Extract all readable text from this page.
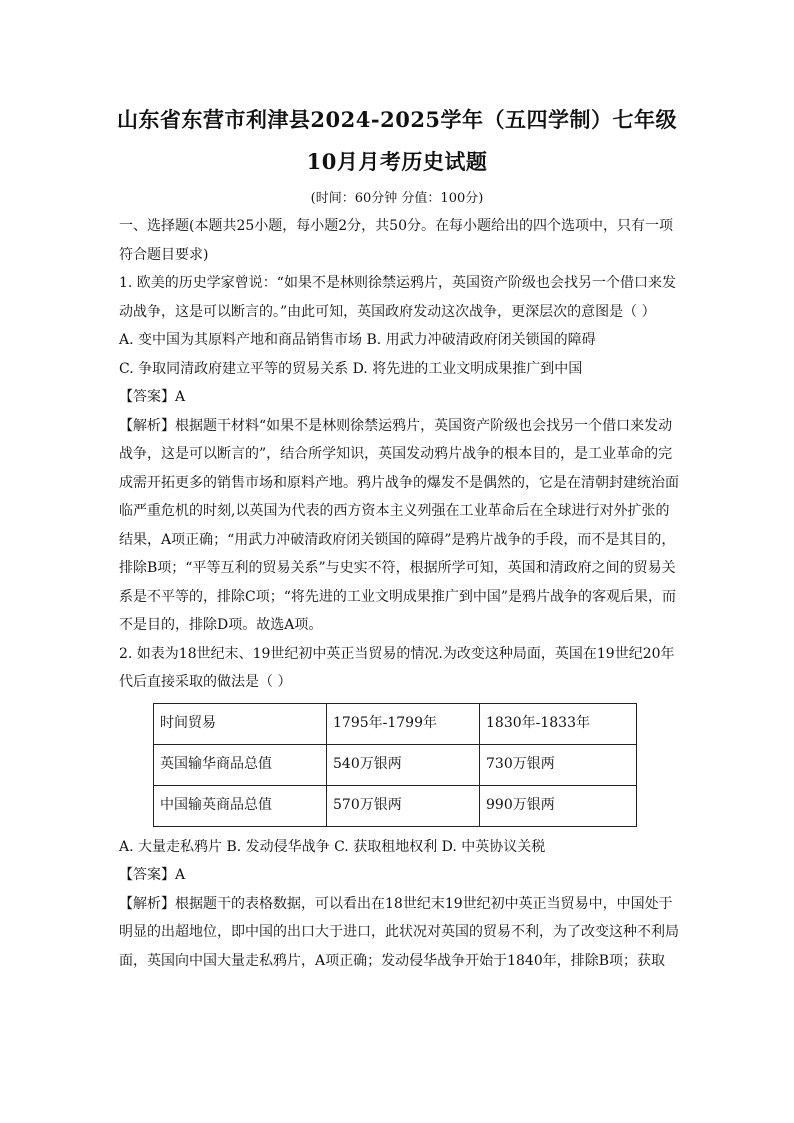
山东省东营市利津县2024-2025学年（五四学制）七年级
10月月考历史试题
(时间：60分钟 分值：100分)

一、选择题(本题共25小题，每小题2分，共50分。在每小题给出的四个选项中，只有一项符合题目要求)

1. 欧美的历史学家曾说：“如果不是林则徐禁运鸦片，英国资产阶级也会找另一个借口来发动战争，这是可以断言的。”由此可知，英国政府发动这次战争，更深层次的意图是（ ）

A. 变中国为其原料产地和商品销售市场 B. 用武力冲破清政府闭关锁国的障碍

C. 争取同清政府建立平等的贸易关系 D. 将先进的工业文明成果推广到中国

【答案】A

【解析】根据题干材料“如果不是林则徐禁运鸦片，英国资产阶级也会找另一个借口来发动战争，这是可以断言的”，结合所学知识，英国发动鸦片战争的根本目的，是工业革命的完成需开拓更多的销售市场和原料产地。鸦片战争的爆发不是偶然的，它是在清朝封建统治面临严重危机的时刻,以英国为代表的西方资本主义列强在工业革命后在全球进行对外扩张的结果，A项正确；“用武力冲破清政府闭关锁国的障碍”是鸦片战争的手段，而不是其目的，排除B项；“平等互利的贸易关系”与史实不符，根据所学可知，英国和清政府之间的贸易关系是不平等的，排除C项；“将先进的工业文明成果推广到中国”是鸦片战争的客观后果，而不是目的，排除D项。故选A项。

2. 如表为18世纪末、19世纪初中英正当贸易的情况.为改变这种局面，英国在19世纪20年代后直接采取的做法是（ ）

时间贸易	1795年-1799年	1830年-1833年
英国输华商品总值	540万银两	730万银两
中国输英商品总值	570万银两	990万银两

A. 大量走私鸦片 B. 发动侵华战争 C. 获取租地权利 D. 中英协议关税

【答案】A

【解析】根据题干的表格数据，可以看出在18世纪末19世纪初中英正当贸易中，中国处于明显的出超地位，即中国的出口大于进口，此状况对英国的贸易不利，为了改变这种不利局面，英国向中国大量走私鸦片，A项正确；发动侵华战争开始于1840年，排除B项；获取
